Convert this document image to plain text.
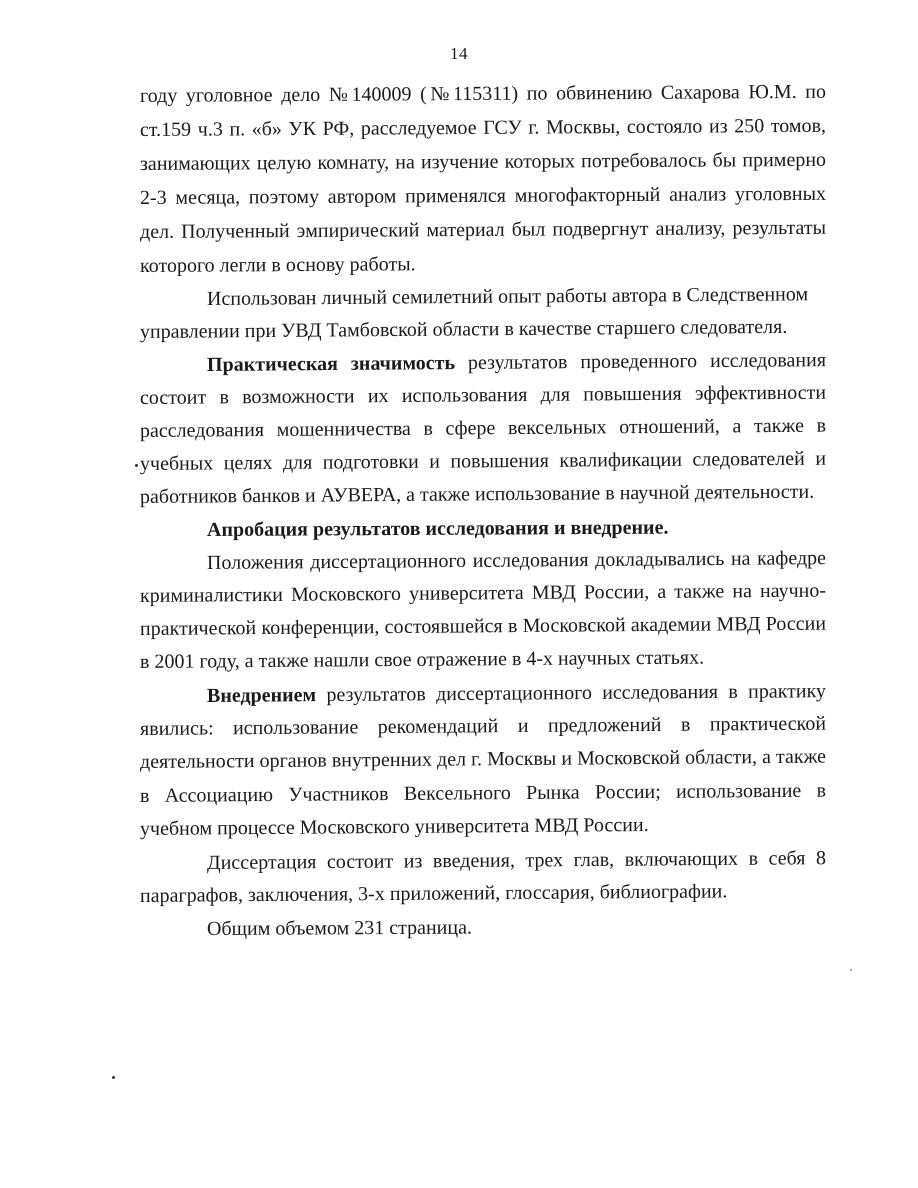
14
году уголовное дело №140009 (№115311) по обвинению Сахарова Ю.М. по
ст.159 ч.3 п. «б» УК РФ, расследуемое ГСУ г. Москвы, состояло из 250 томов,
занимающих целую комнату, на изучение которых потребовалось бы примерно
2-3 месяца, поэтому автором применялся многофакторный анализ уголовных
дел. Полученный эмпирический материал был подвергнут анализу, результаты
которого легли в основу работы.
Использован личный семилетний опыт работы автора в Следственном
управлении при УВД Тамбовской области в качестве старшего следователя.
Практическая значимость результатов проведенного исследования
состоит в возможности их использования для повышения эффективности
расследования мошенничества в сфере вексельных отношений, а также в
учебных целях для подготовки и повышения квалификации следователей и
работников банков и АУВЕРА, а также использование в научной деятельности.
Апробация результатов исследования и внедрение.
Положения диссертационного исследования докладывались на кафедре
криминалистики Московского университета МВД России, а также на научно-
практической конференции, состоявшейся в Московской академии МВД России
в 2001 году, а также нашли свое отражение в 4-х научных статьях.
Внедрением результатов диссертационного исследования в практику
явились: использование рекомендаций и предложений в практической
деятельности органов внутренних дел г. Москвы и Московской области, а также
в Ассоциацию Участников Вексельного Рынка России; использование в
учебном процессе Московского университета МВД России.
Диссертация состоит из введения, трех глав, включающих в себя 8
параграфов, заключения, 3-х приложений, глоссария, библиографии.
Общим объемом 231 страница.
